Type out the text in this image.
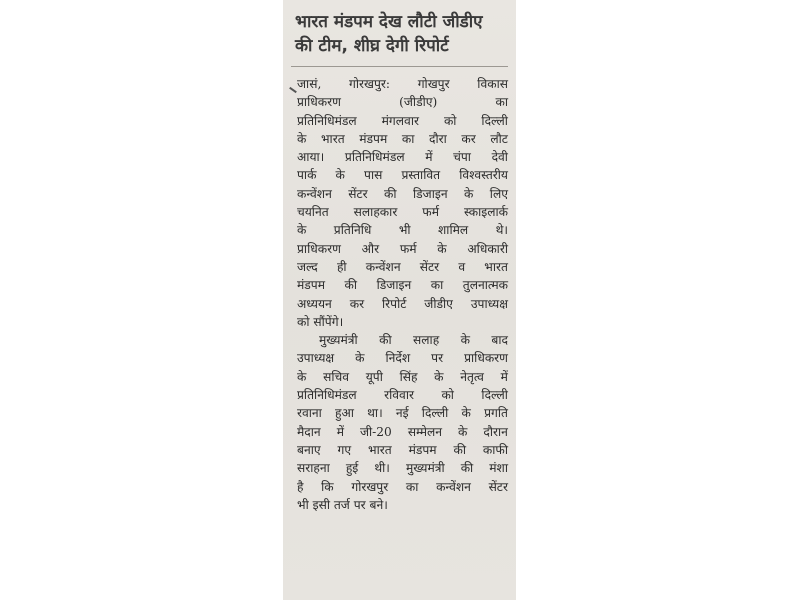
भारत मंडपम देख लौटी जीडीए
की टीम, शीघ्र देगी रिपोर्ट
जासं, गोरखपुर: गोखपुर विकास
प्राधिकरण	(जीडीए)	का
प्रतिनिधिमंडल मंगलवार को दिल्ली
के भारत मंडपम का दौरा कर लौट
आया। प्रतिनिधिमंडल में चंपा देवी
पार्क के पास प्रस्तावित विश्वस्तरीय
कन्वेंशन सेंटर की डिजाइन के लिए
चयनित सलाहकार फर्म स्काइलार्क
के प्रतिनिधि भी शामिल थे।
प्राधिकरण और फर्म के अधिकारी
जल्द ही कन्वेंशन सेंटर व भारत
मंडपम की डिजाइन का तुलनात्मक
अध्ययन कर रिपोर्ट जीडीए उपाध्यक्ष
को सौंपेंगे।
मुख्यमंत्री की सलाह के बाद
उपाध्यक्ष के निर्देश पर प्राधिकरण
के सचिव यूपी सिंह के नेतृत्व में
प्रतिनिधिमंडल रविवार को दिल्ली
रवाना हुआ था। नई दिल्ली के प्रगति
मैदान में जी-20 सम्मेलन के दौरान
बनाए गए भारत मंडपम की काफी
सराहना हुई थी। मुख्यमंत्री की मंशा
है कि गोरखपुर का कन्वेंशन सेंटर
भी इसी तर्ज पर बने।
